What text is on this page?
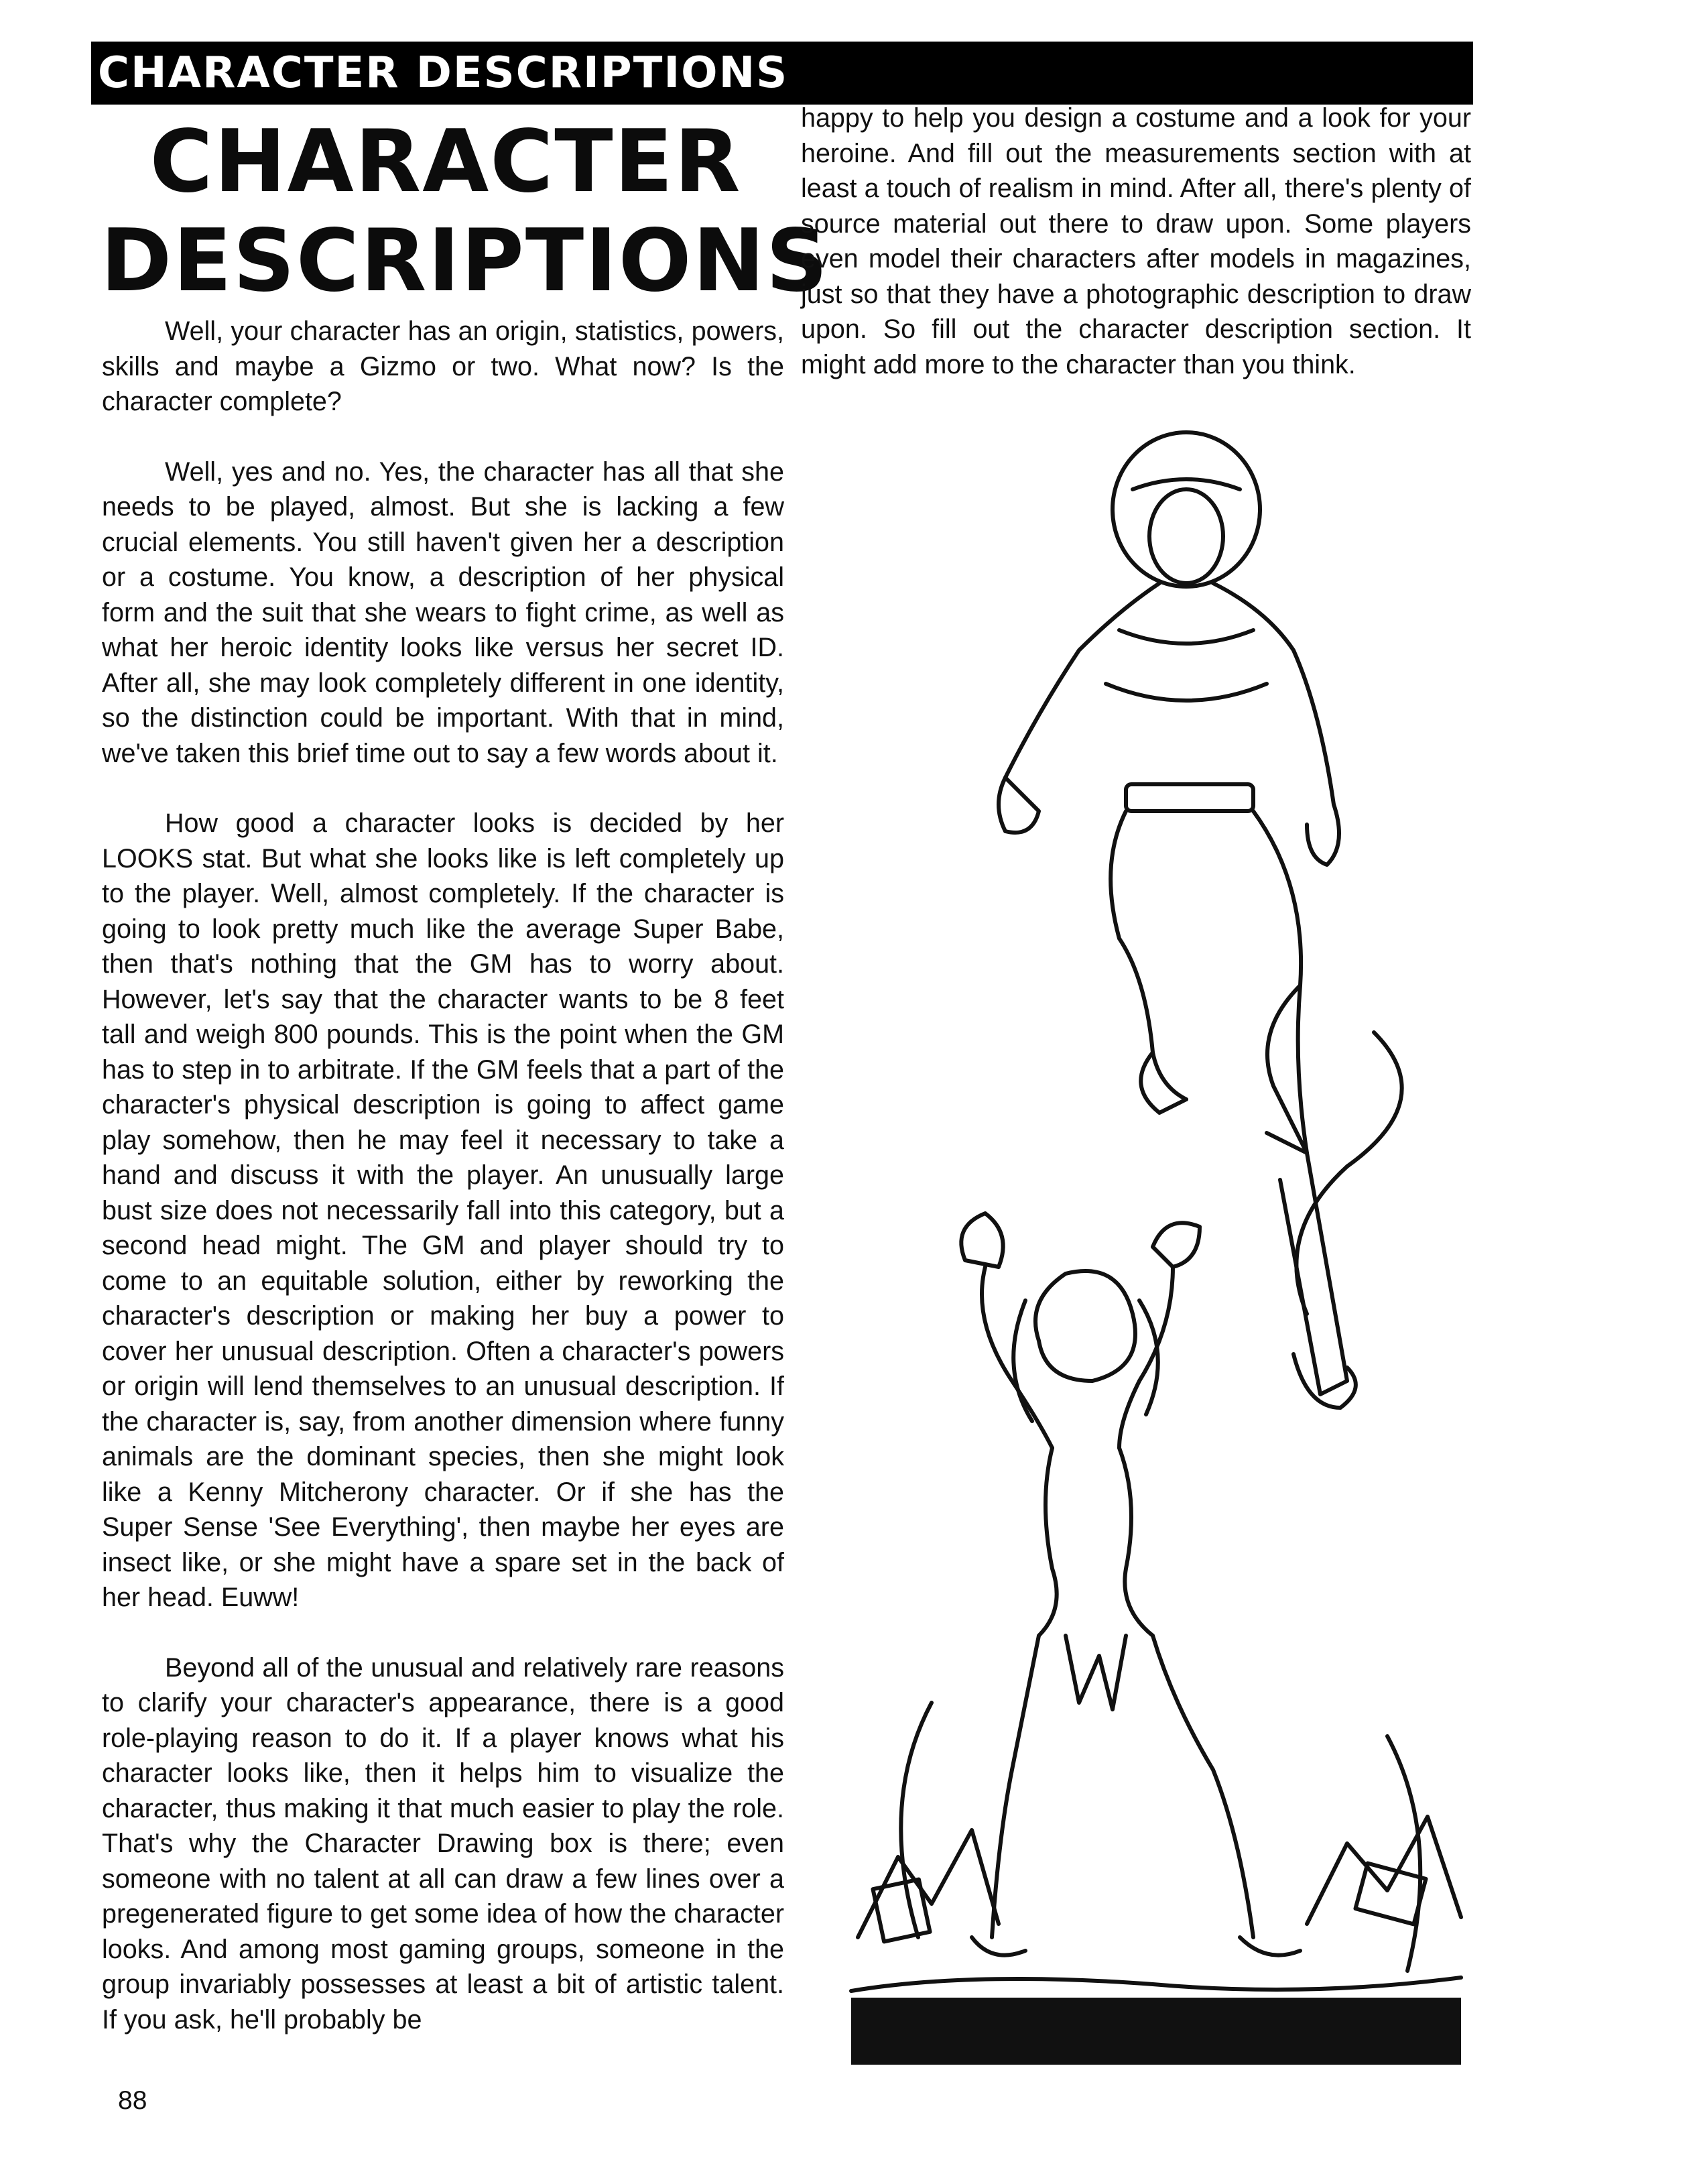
CHARACTER DESCRIPTIONS
CHARACTER
DESCRIPTIONS

Well, your character has an origin, statistics, powers, skills and maybe a Gizmo or two. What now? Is the character complete?

Well, yes and no. Yes, the character has all that she needs to be played, almost. But she is lacking a few crucial elements. You still haven't given her a description or a costume. You know, a description of her physical form and the suit that she wears to fight crime, as well as what her heroic identity looks like versus her secret ID. After all, she may look completely different in one identity, so the distinction could be important. With that in mind, we've taken this brief time out to say a few words about it.

How good a character looks is decided by her LOOKS stat. But what she looks like is left completely up to the player. Well, almost completely. If the character is going to look pretty much like the average Super Babe, then that's nothing that the GM has to worry about. However, let's say that the character wants to be 8 feet tall and weigh 800 pounds. This is the point when the GM has to step in to arbitrate. If the GM feels that a part of the character's physical description is going to affect game play somehow, then he may feel it necessary to take a hand and discuss it with the player. An unusually large bust size does not necessarily fall into this category, but a second head might. The GM and player should try to come to an equitable solution, either by reworking the character's description or making her buy a power to cover her unusual description. Often a character's powers or origin will lend themselves to an unusual description. If the character is, say, from another dimension where funny animals are the dominant species, then she might look like a Kenny Mitcherony character. Or if she has the Super Sense 'See Everything', then maybe her eyes are insect like, or she might have a spare set in the back of her head. Euww!

Beyond all of the unusual and relatively rare reasons to clarify your character's appearance, there is a good role-playing reason to do it. If a player knows what his character looks like, then it helps him to visualize the character, thus making it that much easier to play the role. That's why the Character Drawing box is there; even someone with no talent at all can draw a few lines over a pregenerated figure to get some idea of how the character looks. And among most gaming groups, someone in the group invariably possesses at least a bit of artistic talent. If you ask, he'll probably be

happy to help you design a costume and a look for your heroine. And fill out the measurements section with at least a touch of realism in mind. After all, there's plenty of source material out there to draw upon. Some players even model their characters after models in magazines, just so that they have a photographic description to draw upon. So fill out the character description section. It might add more to the character than you think.

88
